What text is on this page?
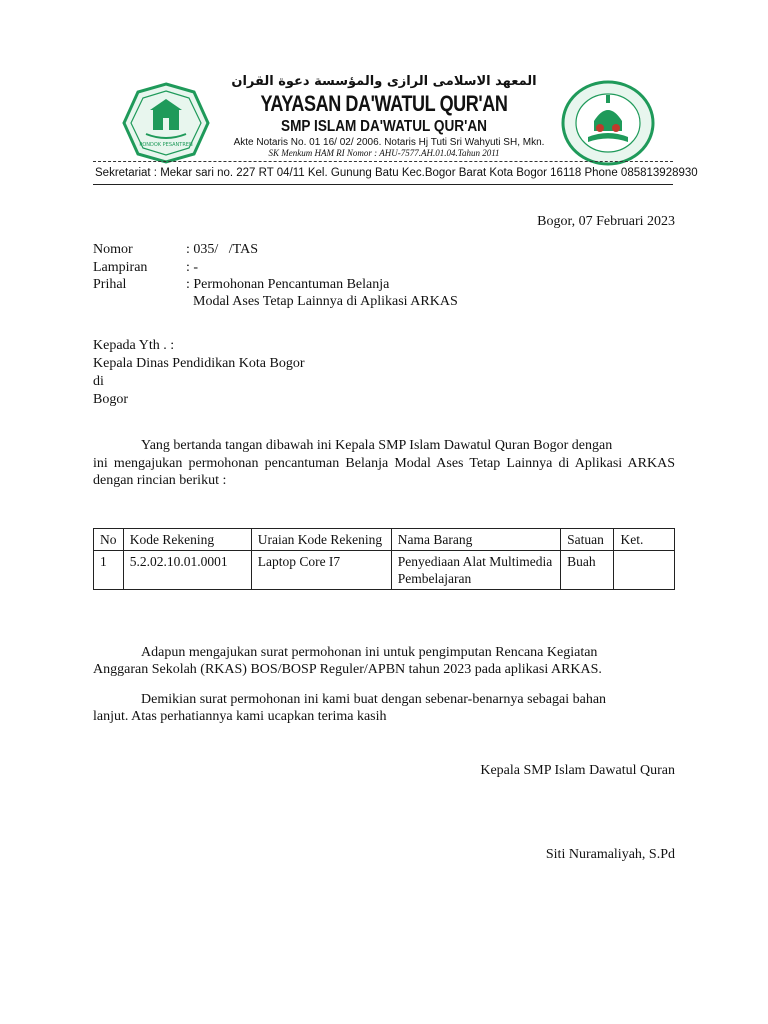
PONDOK PESANTREN
المعهد الاسلامى الرازى والمؤسسة دعوة القران
YAYASAN DA'WATUL QUR'AN
SMP ISLAM DA'WATUL QUR'AN
Akte Notaris No. 01 16/ 02/ 2006. Notaris Hj Tuti Sri Wahyuti SH, Mkn.
SK Menkum HAM RI Nomor : AHU-7577.AH.01.04.Tahun 2011
Sekretariat : Mekar sari no. 227 RT 04/11 Kel. Gunung Batu Kec.Bogor Barat Kota Bogor 16118 Phone 085813928930
Bogor, 07 Februari 2023
Nomor	: 035/   /TAS
Lampiran	: -
Prihal	: Permohonan Pencantuman Belanja
Modal Ases Tetap Lainnya di Aplikasi ARKAS
Kepada Yth . :
Kepala Dinas Pendidikan Kota Bogor
di
Bogor
Yang bertanda tangan dibawah ini Kepala SMP Islam Dawatul Quran Bogor dengan
ini mengajukan permohonan pencantuman Belanja Modal Ases Tetap Lainnya di Aplikasi ARKAS dengan rincian berikut :
No	Kode Rekening	Uraian Kode Rekening	Nama Barang	Satuan	Ket.
1	5.2.02.10.01.0001	Laptop Core I7	Penyediaan Alat Multimedia Pembelajaran	Buah	
Adapun mengajukan surat permohonan ini untuk pengimputan Rencana Kegiatan
Anggaran Sekolah (RKAS) BOS/BOSP Reguler/APBN tahun 2023 pada aplikasi ARKAS.
Demikian surat permohonan ini kami buat dengan sebenar-benarnya sebagai bahan
lanjut. Atas perhatiannya kami ucapkan terima kasih
Kepala SMP Islam Dawatul Quran
Siti Nuramaliyah, S.Pd
